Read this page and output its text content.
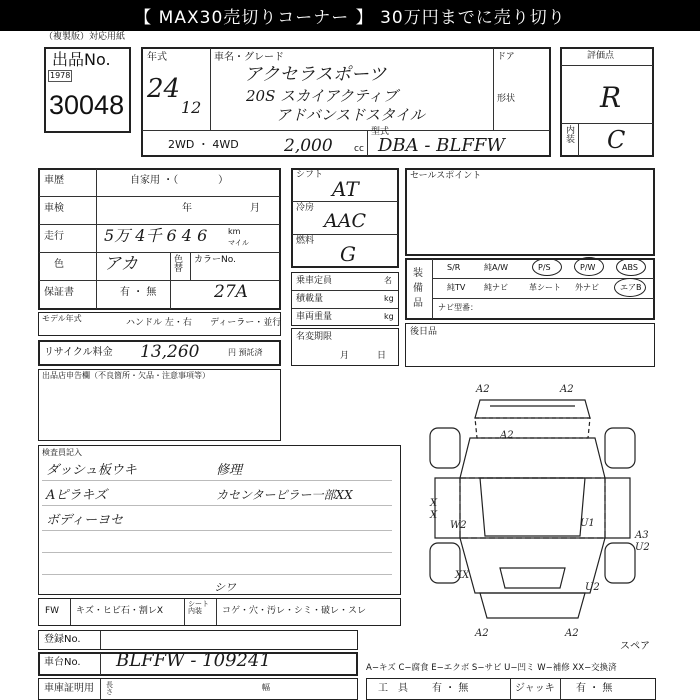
【 MAX30売切りコーナー 】 30万円までに売り切り
（複製版）対応用紙
出品No.
1978
30048
年式
24
12
車名・グレード
アクセラスポーツ
20S スカイアクティブ
アドバンスドスタイル
ドア
形状
2WD ・ 4WD	2,000 cc
型式
DBA - BLFFW
評価点
R
内装 C
車歴	自家用 ・（　　　　）
車検	年	月
走行	5万 4千 6 4 6	km
マイル
色 アカ	色替
カラーNo.
保証書	有 ・ 無	27A
モデル年式	ハンドル 左・右 ディーラー・並行
リサイクル料金 13,260	円 預託済
シフト
AT
冷房
AAC
燃料
G
乗車定員	名
積載量	kg
車両重量	kg
名変期限
月日
セールスポイント
装備品
S/R	純A/W	P/S	P/W	ABS
純TV 純ナビ	革シート 外ナビ	エアB
ナビ型番：
後日品
出品店申告欄（不良箇所・欠品・注意事項等）
検査員記入
ダッシュ板ウキ
Aピラキズ
ボディーヨセ
修理
カセンターピラー一部XX
A2	A2
A2
W2	U1
X
X
XX
A3
U2
U2
A2	A2
FW キズ・ヒビ石・割レX
シート内装	コゲ・穴・汚レ・シミ・破レ・スレ
シワ
登録No.
車台No. BLFFW - 109241
車庫証明用 長さ	幅
スペア
A−キズ C−腐食 E−エクボ S−サビ U−凹ミ W−補修 XX−交換済
工　具 有 ・ 無	ジャッキ 有 ・ 無
